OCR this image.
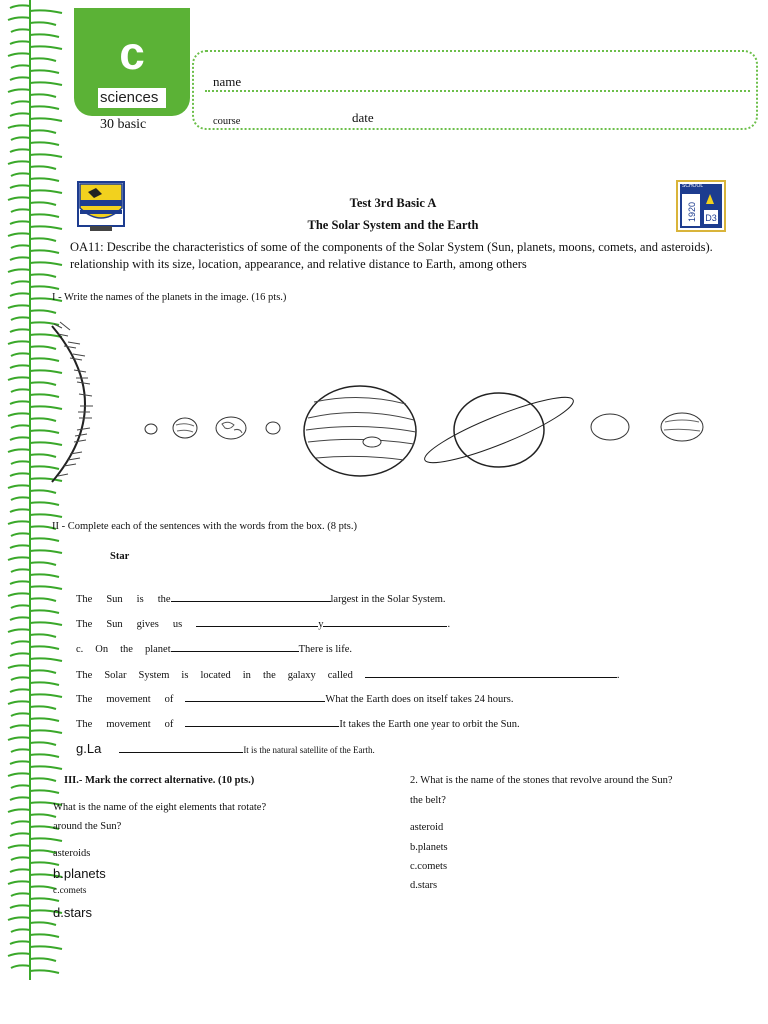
c
sciences
30 basic
name
course	date
1920 D3
SCHOOL
Test 3rd Basic A
The Solar System and the Earth
OA11: Describe the characteristics of some of the components of the Solar System (Sun, planets, moons, comets, and asteroids). relationship with its size, location, appearance, and relative distance to Earth, among others
I - Write the names of the planets in the image. (16 pts.)
II - Complete each of the sentences with the words from the box. (8 pts.)
Star
The Sun is the	largest in the Solar System.
The Sun gives us	y	.
c. On the planet	There is life.
The Solar System is located in the galaxy called	.
The movement of	What the Earth does on itself takes 24 hours.
The movement of	It takes the Earth one year to orbit the Sun.
g.La	It is the natural satellite of the Earth.
III.- Mark the correct alternative. (10 pts.)
What is the name of the eight elements that rotate?
around the Sun?
asteroids
b.planets
c.comets
d.stars
2. What is the name of the stones that revolve around the Sun?
the belt?
asteroid
b.planets
c.comets
d.stars
